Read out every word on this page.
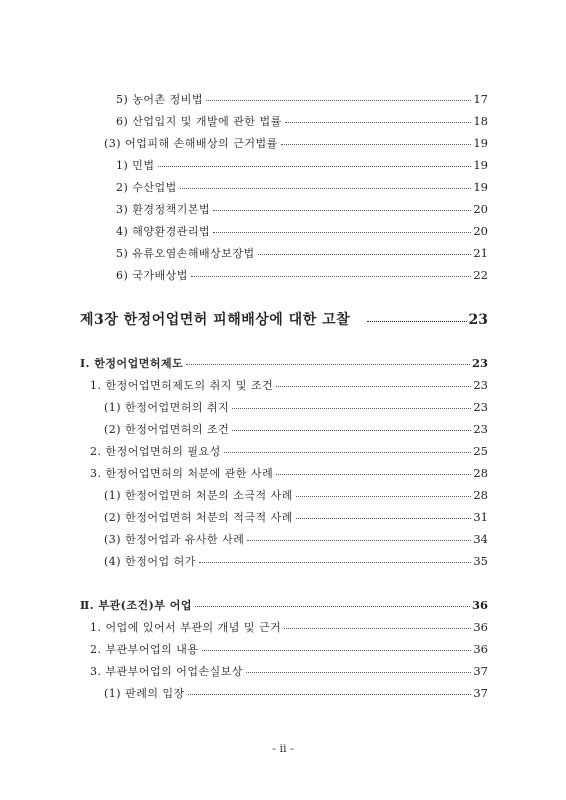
5) 농어촌 정비법	17
6) 산업입지 및 개발에 관한 법률	18
(3) 어업피해 손해배상의 근거법률	19
1) 민법	19
2) 수산업법	19
3) 환경정책기본법	20
4) 해양환경관리법	20
5) 유류오염손해배상보장법	21
6) 국가배상법	22
제3장 한정어업면허 피해배상에 대한 고찰	23
Ⅰ. 한정어업면허제도	23
1. 한정어업면허제도의 취지 및 조건	23
(1) 한정어업면허의 취지	23
(2) 한정어업면허의 조건	23
2. 한정어업면허의 필요성	25
3. 한정어업면허의 처분에 관한 사례	28
(1) 한정어업면허 처분의 소극적 사례	28
(2) 한정어업면허 처분의 적극적 사례	31
(3) 한정어업과 유사한 사례	34
(4) 한정어업 허가	35
Ⅱ. 부관(조건)부 어업	36
1. 어업에 있어서 부관의 개념 및 근거	36
2. 부관부어업의 내용	36
3. 부관부어업의 어업손실보상	37
(1) 판례의 입장	37
- ii -
